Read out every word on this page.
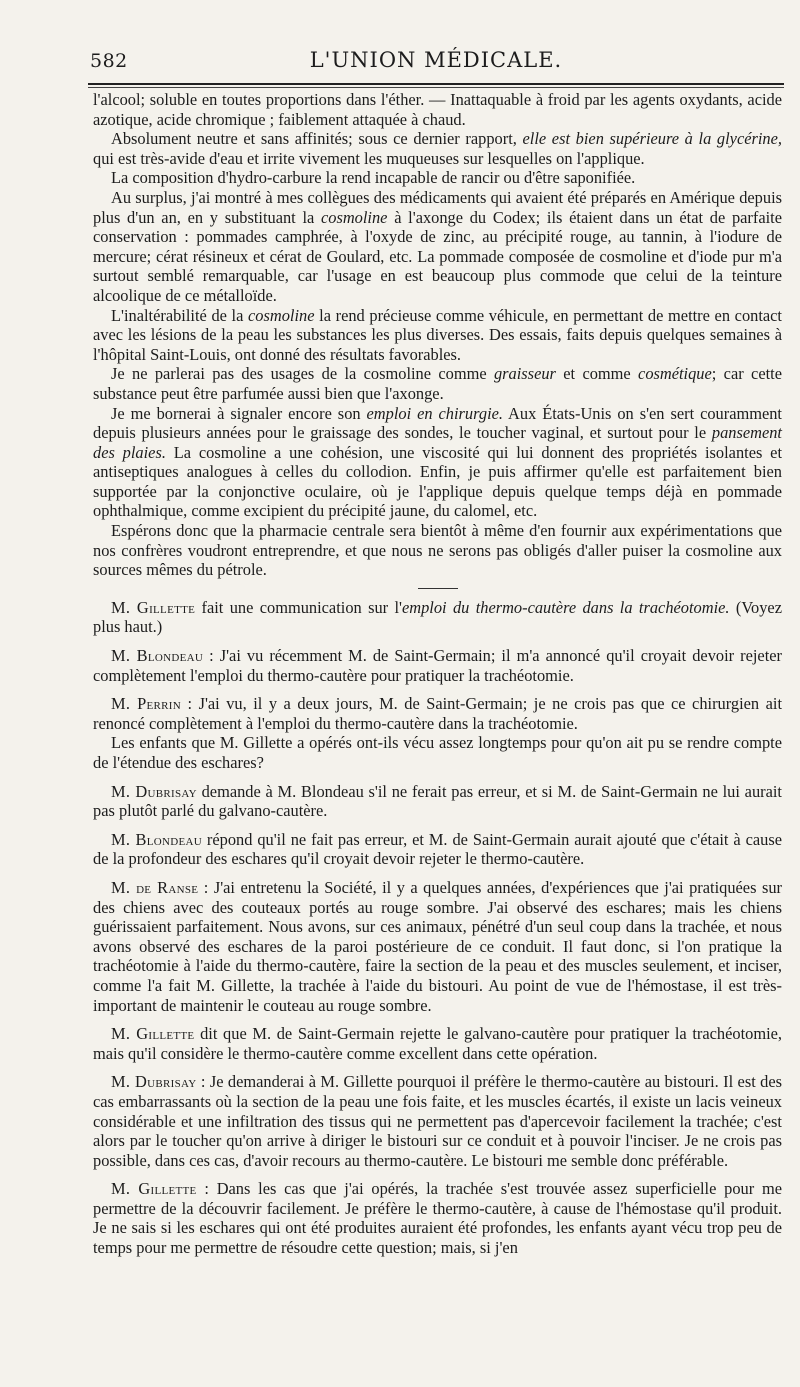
582	L'UNION MÉDICALE.

l'alcool; soluble en toutes proportions dans l'éther. — Inattaquable à froid par les agents oxydants, acide azotique, acide chromique ; faiblement attaquée à chaud.

Absolument neutre et sans affinités; sous ce dernier rapport, elle est bien supérieure à la glycérine, qui est très-avide d'eau et irrite vivement les muqueuses sur lesquelles on l'applique.

La composition d'hydro-carbure la rend incapable de rancir ou d'être saponifiée.

Au surplus, j'ai montré à mes collègues des médicaments qui avaient été préparés en Amérique depuis plus d'un an, en y substituant la cosmoline à l'axonge du Codex; ils étaient dans un état de parfaite conservation : pommades camphrée, à l'oxyde de zinc, au précipité rouge, au tannin, à l'iodure de mercure; cérat résineux et cérat de Goulard, etc. La pommade composée de cosmoline et d'iode pur m'a surtout semblé remarquable, car l'usage en est beaucoup plus commode que celui de la teinture alcoolique de ce métalloïde.

L'inaltérabilité de la cosmoline la rend précieuse comme véhicule, en permettant de mettre en contact avec les lésions de la peau les substances les plus diverses. Des essais, faits depuis quelques semaines à l'hôpital Saint-Louis, ont donné des résultats favorables.

Je ne parlerai pas des usages de la cosmoline comme graisseur et comme cosmétique; car cette substance peut être parfumée aussi bien que l'axonge.

Je me bornerai à signaler encore son emploi en chirurgie. Aux États-Unis on s'en sert couramment depuis plusieurs années pour le graissage des sondes, le toucher vaginal, et surtout pour le pansement des plaies. La cosmoline a une cohésion, une viscosité qui lui donnent des propriétés isolantes et antiseptiques analogues à celles du collodion. Enfin, je puis affirmer qu'elle est parfaitement bien supportée par la conjonctive oculaire, où je l'applique depuis quelque temps déjà en pommade ophthalmique, comme excipient du précipité jaune, du calomel, etc.

Espérons donc que la pharmacie centrale sera bientôt à même d'en fournir aux expérimentations que nos confrères voudront entreprendre, et que nous ne serons pas obligés d'aller puiser la cosmoline aux sources mêmes du pétrole.

M. Gillette fait une communication sur l'emploi du thermo-cautère dans la trachéotomie. (Voyez plus haut.)

M. Blondeau : J'ai vu récemment M. de Saint-Germain; il m'a annoncé qu'il croyait devoir rejeter complètement l'emploi du thermo-cautère pour pratiquer la trachéotomie.

M. Perrin : J'ai vu, il y a deux jours, M. de Saint-Germain; je ne crois pas que ce chirurgien ait renoncé complètement à l'emploi du thermo-cautère dans la trachéotomie.

Les enfants que M. Gillette a opérés ont-ils vécu assez longtemps pour qu'on ait pu se rendre compte de l'étendue des eschares?

M. Dubrisay demande à M. Blondeau s'il ne ferait pas erreur, et si M. de Saint-Germain ne lui aurait pas plutôt parlé du galvano-cautère.

M. Blondeau répond qu'il ne fait pas erreur, et M. de Saint-Germain aurait ajouté que c'était à cause de la profondeur des eschares qu'il croyait devoir rejeter le thermo-cautère.

M. de Ranse : J'ai entretenu la Société, il y a quelques années, d'expériences que j'ai pratiquées sur des chiens avec des couteaux portés au rouge sombre. J'ai observé des eschares; mais les chiens guérissaient parfaitement. Nous avons, sur ces animaux, pénétré d'un seul coup dans la trachée, et nous avons observé des eschares de la paroi postérieure de ce conduit. Il faut donc, si l'on pratique la trachéotomie à l'aide du thermo-cautère, faire la section de la peau et des muscles seulement, et inciser, comme l'a fait M. Gillette, la trachée à l'aide du bistouri. Au point de vue de l'hémostase, il est très-important de maintenir le couteau au rouge sombre.

M. Gillette dit que M. de Saint-Germain rejette le galvano-cautère pour pratiquer la trachéotomie, mais qu'il considère le thermo-cautère comme excellent dans cette opération.

M. Dubrisay : Je demanderai à M. Gillette pourquoi il préfère le thermo-cautère au bistouri. Il est des cas embarrassants où la section de la peau une fois faite, et les muscles écartés, il existe un lacis veineux considérable et une infiltration des tissus qui ne permettent pas d'apercevoir facilement la trachée; c'est alors par le toucher qu'on arrive à diriger le bistouri sur ce conduit et à pouvoir l'inciser. Je ne crois pas possible, dans ces cas, d'avoir recours au thermo-cautère. Le bistouri me semble donc préférable.

M. Gillette : Dans les cas que j'ai opérés, la trachée s'est trouvée assez superficielle pour me permettre de la découvrir facilement. Je préfère le thermo-cautère, à cause de l'hémostase qu'il produit. Je ne sais si les eschares qui ont été produites auraient été profondes, les enfants ayant vécu trop peu de temps pour me permettre de résoudre cette question; mais, si j'en
